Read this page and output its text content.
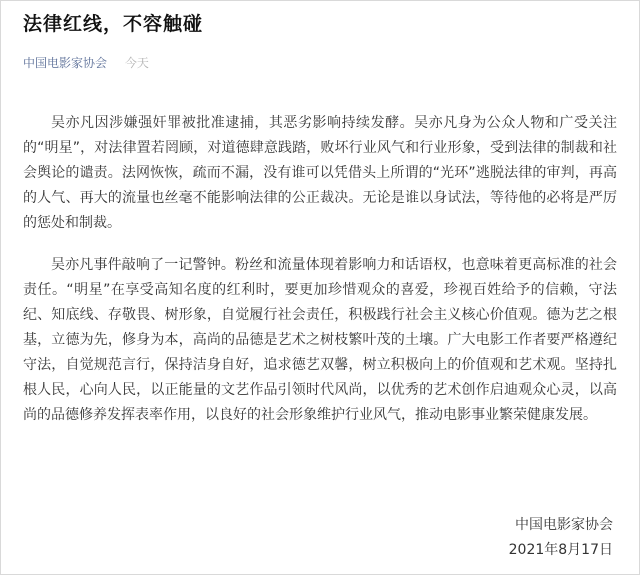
法律红线，不容触碰
中国电影家协会 今天

吴亦凡因涉嫌强奸罪被批准逮捕，其恶劣影响持续发酵。吴亦凡身为公众人物和广受关注的“明星”，对法律置若罔顾，对道德肆意践踏，败坏行业风气和行业形象，受到法律的制裁和社会舆论的谴责。法网恢恢，疏而不漏，没有谁可以凭借头上所谓的“光环”逃脱法律的审判，再高的人气、再大的流量也丝毫不能影响法律的公正裁决。无论是谁以身试法，等待他的必将是严厉的惩处和制裁。

吴亦凡事件敲响了一记警钟。粉丝和流量体现着影响力和话语权，也意味着更高标准的社会责任。“明星”在享受高知名度的红利时，要更加珍惜观众的喜爱，珍视百姓给予的信赖，守法纪、知底线、存敬畏、树形象，自觉履行社会责任，积极践行社会主义核心价值观。德为艺之根基，立德为先，修身为本，高尚的品德是艺术之树枝繁叶茂的土壤。广大电影工作者要严格遵纪守法，自觉规范言行，保持洁身自好，追求德艺双馨，树立积极向上的价值观和艺术观。坚持扎根人民，心向人民，以正能量的文艺作品引领时代风尚，以优秀的艺术创作启迪观众心灵，以高尚的品德修养发挥表率作用，以良好的社会形象维护行业风气，推动电影事业繁荣健康发展。

中国电影家协会
2021年8月17日
